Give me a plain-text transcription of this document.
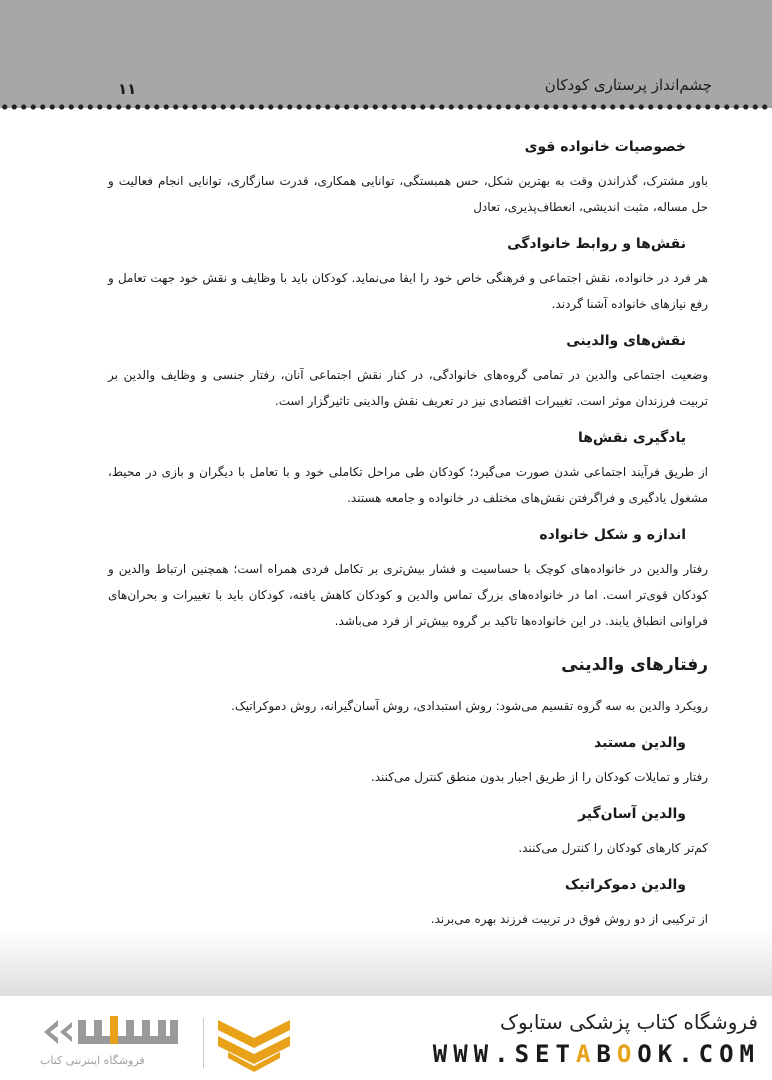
چشم‌انداز پرستاری کودکان
۱۱
خصوصیات خانواده قوی
باور مشترک، گذراندن وقت به بهترین شکل، حس همبستگی، توانایی همکاری، قدرت سازگاری، توانایی انجام فعالیت و حل مساله، مثبت اندیشی، انعطاف‌پذیری، تعادل
نقش‌ها و روابط خانوادگی
هر فرد در خانواده، نقش اجتماعی و فرهنگی خاص خود را ایفا می‌نماید. کودکان باید با وظایف و نقش خود جهت تعامل و رفع نیازهای خانواده آشنا گردند.
نقش‌های والدینی
وضعیت اجتماعی والدین در تمامی گروه‌های خانوادگی، در کنار نقش اجتماعی آنان، رفتار جنسی و وظایف والدین بر تربیت فرزندان موثر است. تغییرات اقتصادی نیز در تعریف نقش والدینی تاثیرگزار است.
یادگیری نقش‌ها
از طریق فرآیند اجتماعی شدن صورت می‌گیرد؛ کودکان طی مراحل تکاملی خود و با تعامل با دیگران و بازی در محیط، مشغول یادگیری و فراگرفتن نقش‌های مختلف در خانواده و جامعه هستند.
اندازه و شکل خانواده
رفتار والدین در خانواده‌های کوچک با حساسیت و فشار بیش‌تری بر تکامل فردی همراه است؛ همچنین ارتباط والدین و کودکان قوی‌تر است. اما در خانواده‌های بزرگ تماس والدین و کودکان کاهش یافته، کودکان باید با تغییرات و بحران‌های فراوانی انطباق یابند. در این خانواده‌ها تاکید بر گروه بیش‌تر از فرد می‌باشد.
رفتارهای والدینی
رویکرد والدین به سه گروه تقسیم می‌شود: روش استبدادی، روش آسان‌گیرانه، روش دموکراتیک.
والدین مستبد
رفتار و تمایلات کودکان را از طریق اجبار بدون منطق کنترل می‌کنند.
والدین آسان‌گیر
کم‌تر کارهای کودکان را کنترل می‌کنند.
والدین دموکراتیک
از ترکیبی از دو روش فوق در تربیت فرزند بهره می‌برند.
فروشگاه کتاب پزشکی ستابوک
WWW.SETABOOK.COM
فروشگاه اینترنتی کتاب
